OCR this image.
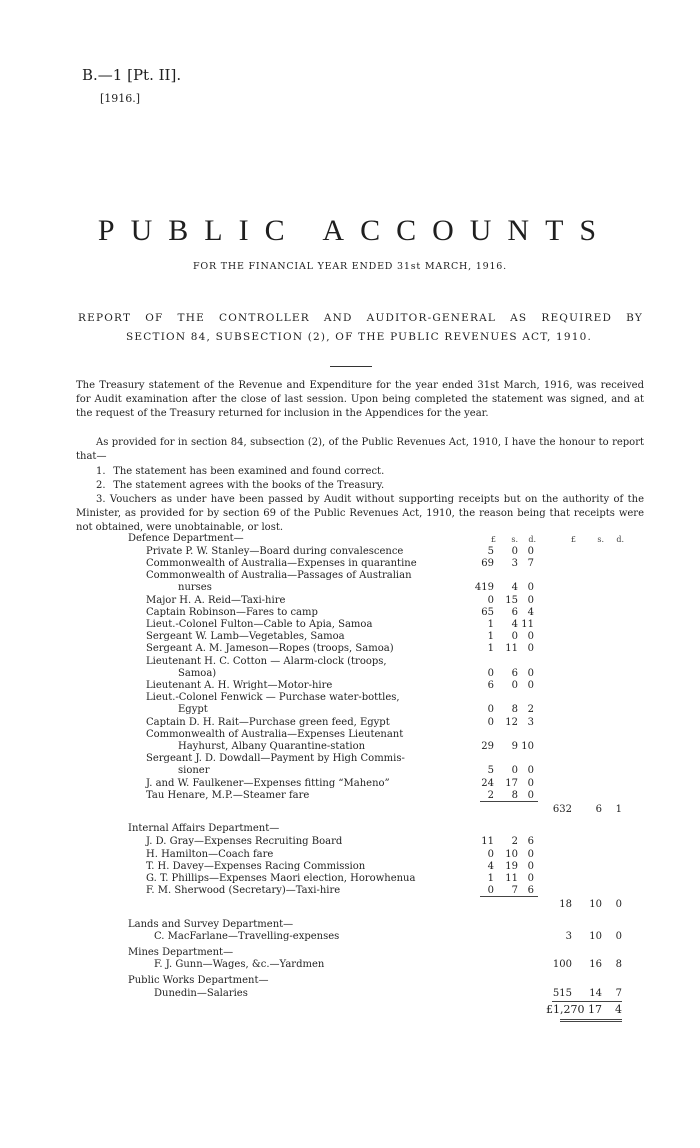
B.—1 [Pt. II].
[1916.]
PUBLIC ACCOUNTS
FOR THE FINANCIAL YEAR ENDED 31st MARCH, 1916.
REPORT OF THE CONTROLLER AND AUDITOR-GENERAL AS REQUIRED BY
SECTION 84, SUBSECTION (2), OF THE PUBLIC REVENUES ACT, 1910.
The Treasury statement of the Revenue and Expenditure for the year ended 31st March, 1916, was received for Audit examination after the close of last session. Upon being completed the statement was signed, and at the request of the Treasury returned for inclusion in the Appendices for the year.
As provided for in section 84, subsection (2), of the Public Revenues Act, 1910, I have the honour to report that—
1. The statement has been examined and found correct.
2. The statement agrees with the books of the Treasury.
3. Vouchers as under have been passed by Audit without supporting receipts but on the authority of the Minister, as provided for by section 69 of the Public Revenues Act, 1910, the reason being that receipts were not obtained, were unobtainable, or lost.
£	s.	d.	£	s.	d.
Defence Department—
Private P. W. Stanley—Board during convalescence	5	0 0
Commonwealth of Australia—Expenses in quarantine	69	3 7
Commonwealth of Australia—Passages of Australian
nurses	419	4 0
Major H. A. Reid—Taxi-hire	0	15 0
Captain Robinson—Fares to camp	65	6 4
Lieut.-Colonel Fulton—Cable to Apia, Samoa	1	4 11
Sergeant W. Lamb—Vegetables, Samoa	1	0 0
Sergeant A. M. Jameson—Ropes (troops, Samoa)	1	11 0
Lieutenant H. C. Cotton — Alarm-clock (troops,
Samoa)	0	6 0
Lieutenant A. H. Wright—Motor-hire	6	0 0
Lieut.-Colonel Fenwick — Purchase water-bottles,
Egypt	0	8 2
Captain D. H. Rait—Purchase green feed, Egypt	0	12 3
Commonwealth of Australia—Expenses Lieutenant
Hayhurst, Albany Quarantine-station	29	9 10
Sergeant J. D. Dowdall—Payment by High Commis-
sioner	5	0 0
J. and W. Faulkener—Expenses fitting “Maheno”	24	17 0
Tau Henare, M.P.—Steamer fare	2	8 0
632	6	1
Internal Affairs Department—
J. D. Gray—Expenses Recruiting Board	11	2 6
H. Hamilton—Coach fare	0	10 0
T. H. Davey—Expenses Racing Commission	4	19 0
G. T. Phillips—Expenses Maori election, Horowhenua	1	11 0
F. M. Sherwood (Secretary)—Taxi-hire	0	7 6
18	10	0
Lands and Survey Department—
C. MacFarlane—Travelling-expenses	3	10	0
Mines Department—
F. J. Gunn—Wages, &c.—Yardmen	100	16	8
Public Works Department—
Dunedin—Salaries	515	14	7
£1,270 17	4
